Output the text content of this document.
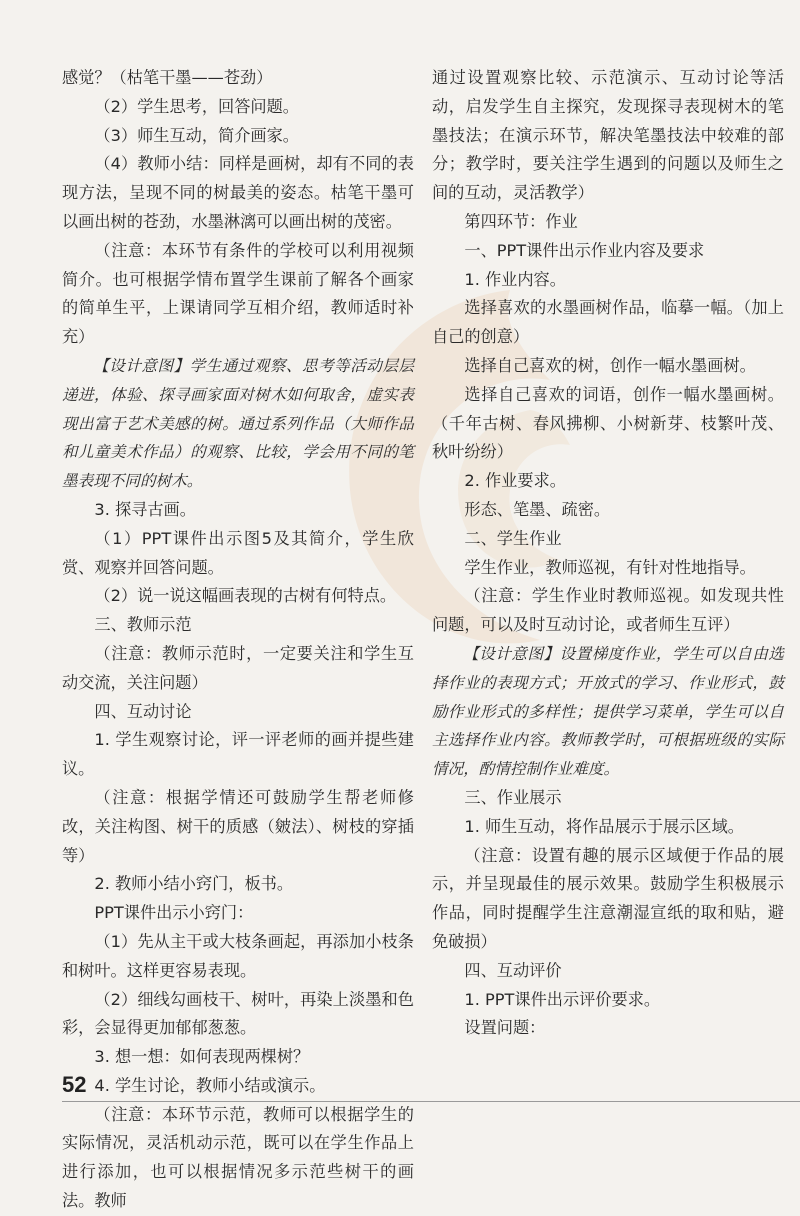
感觉？（枯笔干墨——苍劲）

（2）学生思考，回答问题。

（3）师生互动，简介画家。

（4）教师小结：同样是画树，却有不同的表现方法，呈现不同的树最美的姿态。枯笔干墨可以画出树的苍劲，水墨淋漓可以画出树的茂密。

（注意：本环节有条件的学校可以利用视频简介。也可根据学情布置学生课前了解各个画家的简单生平，上课请同学互相介绍，教师适时补充）

【设计意图】学生通过观察、思考等活动层层递进，体验、探寻画家面对树木如何取舍，虚实表现出富于艺术美感的树。通过系列作品（大师作品和儿童美术作品）的观察、比较，学会用不同的笔墨表现不同的树木。

3. 探寻古画。

（1）PPT课件出示图5及其简介，学生欣赏、观察并回答问题。

（2）说一说这幅画表现的古树有何特点。

三、教师示范

（注意：教师示范时，一定要关注和学生互动交流，关注问题）

四、互动讨论

1. 学生观察讨论，评一评老师的画并提些建议。

（注意：根据学情还可鼓励学生帮老师修改，关注构图、树干的质感（皴法）、树枝的穿插等）

2. 教师小结小窍门，板书。

PPT课件出示小窍门：

（1）先从主干或大枝条画起，再添加小枝条和树叶。这样更容易表现。

（2）细线勾画枝干、树叶，再染上淡墨和色彩，会显得更加郁郁葱葱。

3. 想一想：如何表现两棵树？

4. 学生讨论，教师小结或演示。

（注意：本环节示范，教师可以根据学生的实际情况，灵活机动示范，既可以在学生作品上进行添加，也可以根据情况多示范些树干的画法。教师

通过设置观察比较、示范演示、互动讨论等活动，启发学生自主探究，发现探寻表现树木的笔墨技法；在演示环节，解决笔墨技法中较难的部分；教学时，要关注学生遇到的问题以及师生之间的互动，灵活教学）

第四环节：作业

一、PPT课件出示作业内容及要求

1. 作业内容。

选择喜欢的水墨画树作品，临摹一幅。（加上自己的创意）

选择自己喜欢的树，创作一幅水墨画树。

选择自己喜欢的词语，创作一幅水墨画树。（千年古树、春风拂柳、小树新芽、枝繁叶茂、秋叶纷纷）

2. 作业要求。

形态、笔墨、疏密。

二、学生作业

学生作业，教师巡视，有针对性地指导。

（注意：学生作业时教师巡视。如发现共性问题，可以及时互动讨论，或者师生互评）

【设计意图】设置梯度作业，学生可以自由选择作业的表现方式；开放式的学习、作业形式，鼓励作业形式的多样性；提供学习菜单，学生可以自主选择作业内容。教师教学时，可根据班级的实际情况，酌情控制作业难度。

三、作业展示

1. 师生互动，将作品展示于展示区域。

（注意：设置有趣的展示区域便于作品的展示，并呈现最佳的展示效果。鼓励学生积极展示作品，同时提醒学生注意潮湿宣纸的取和贴，避免破损）

四、互动评价

1. PPT课件出示评价要求。

设置问题：

52
